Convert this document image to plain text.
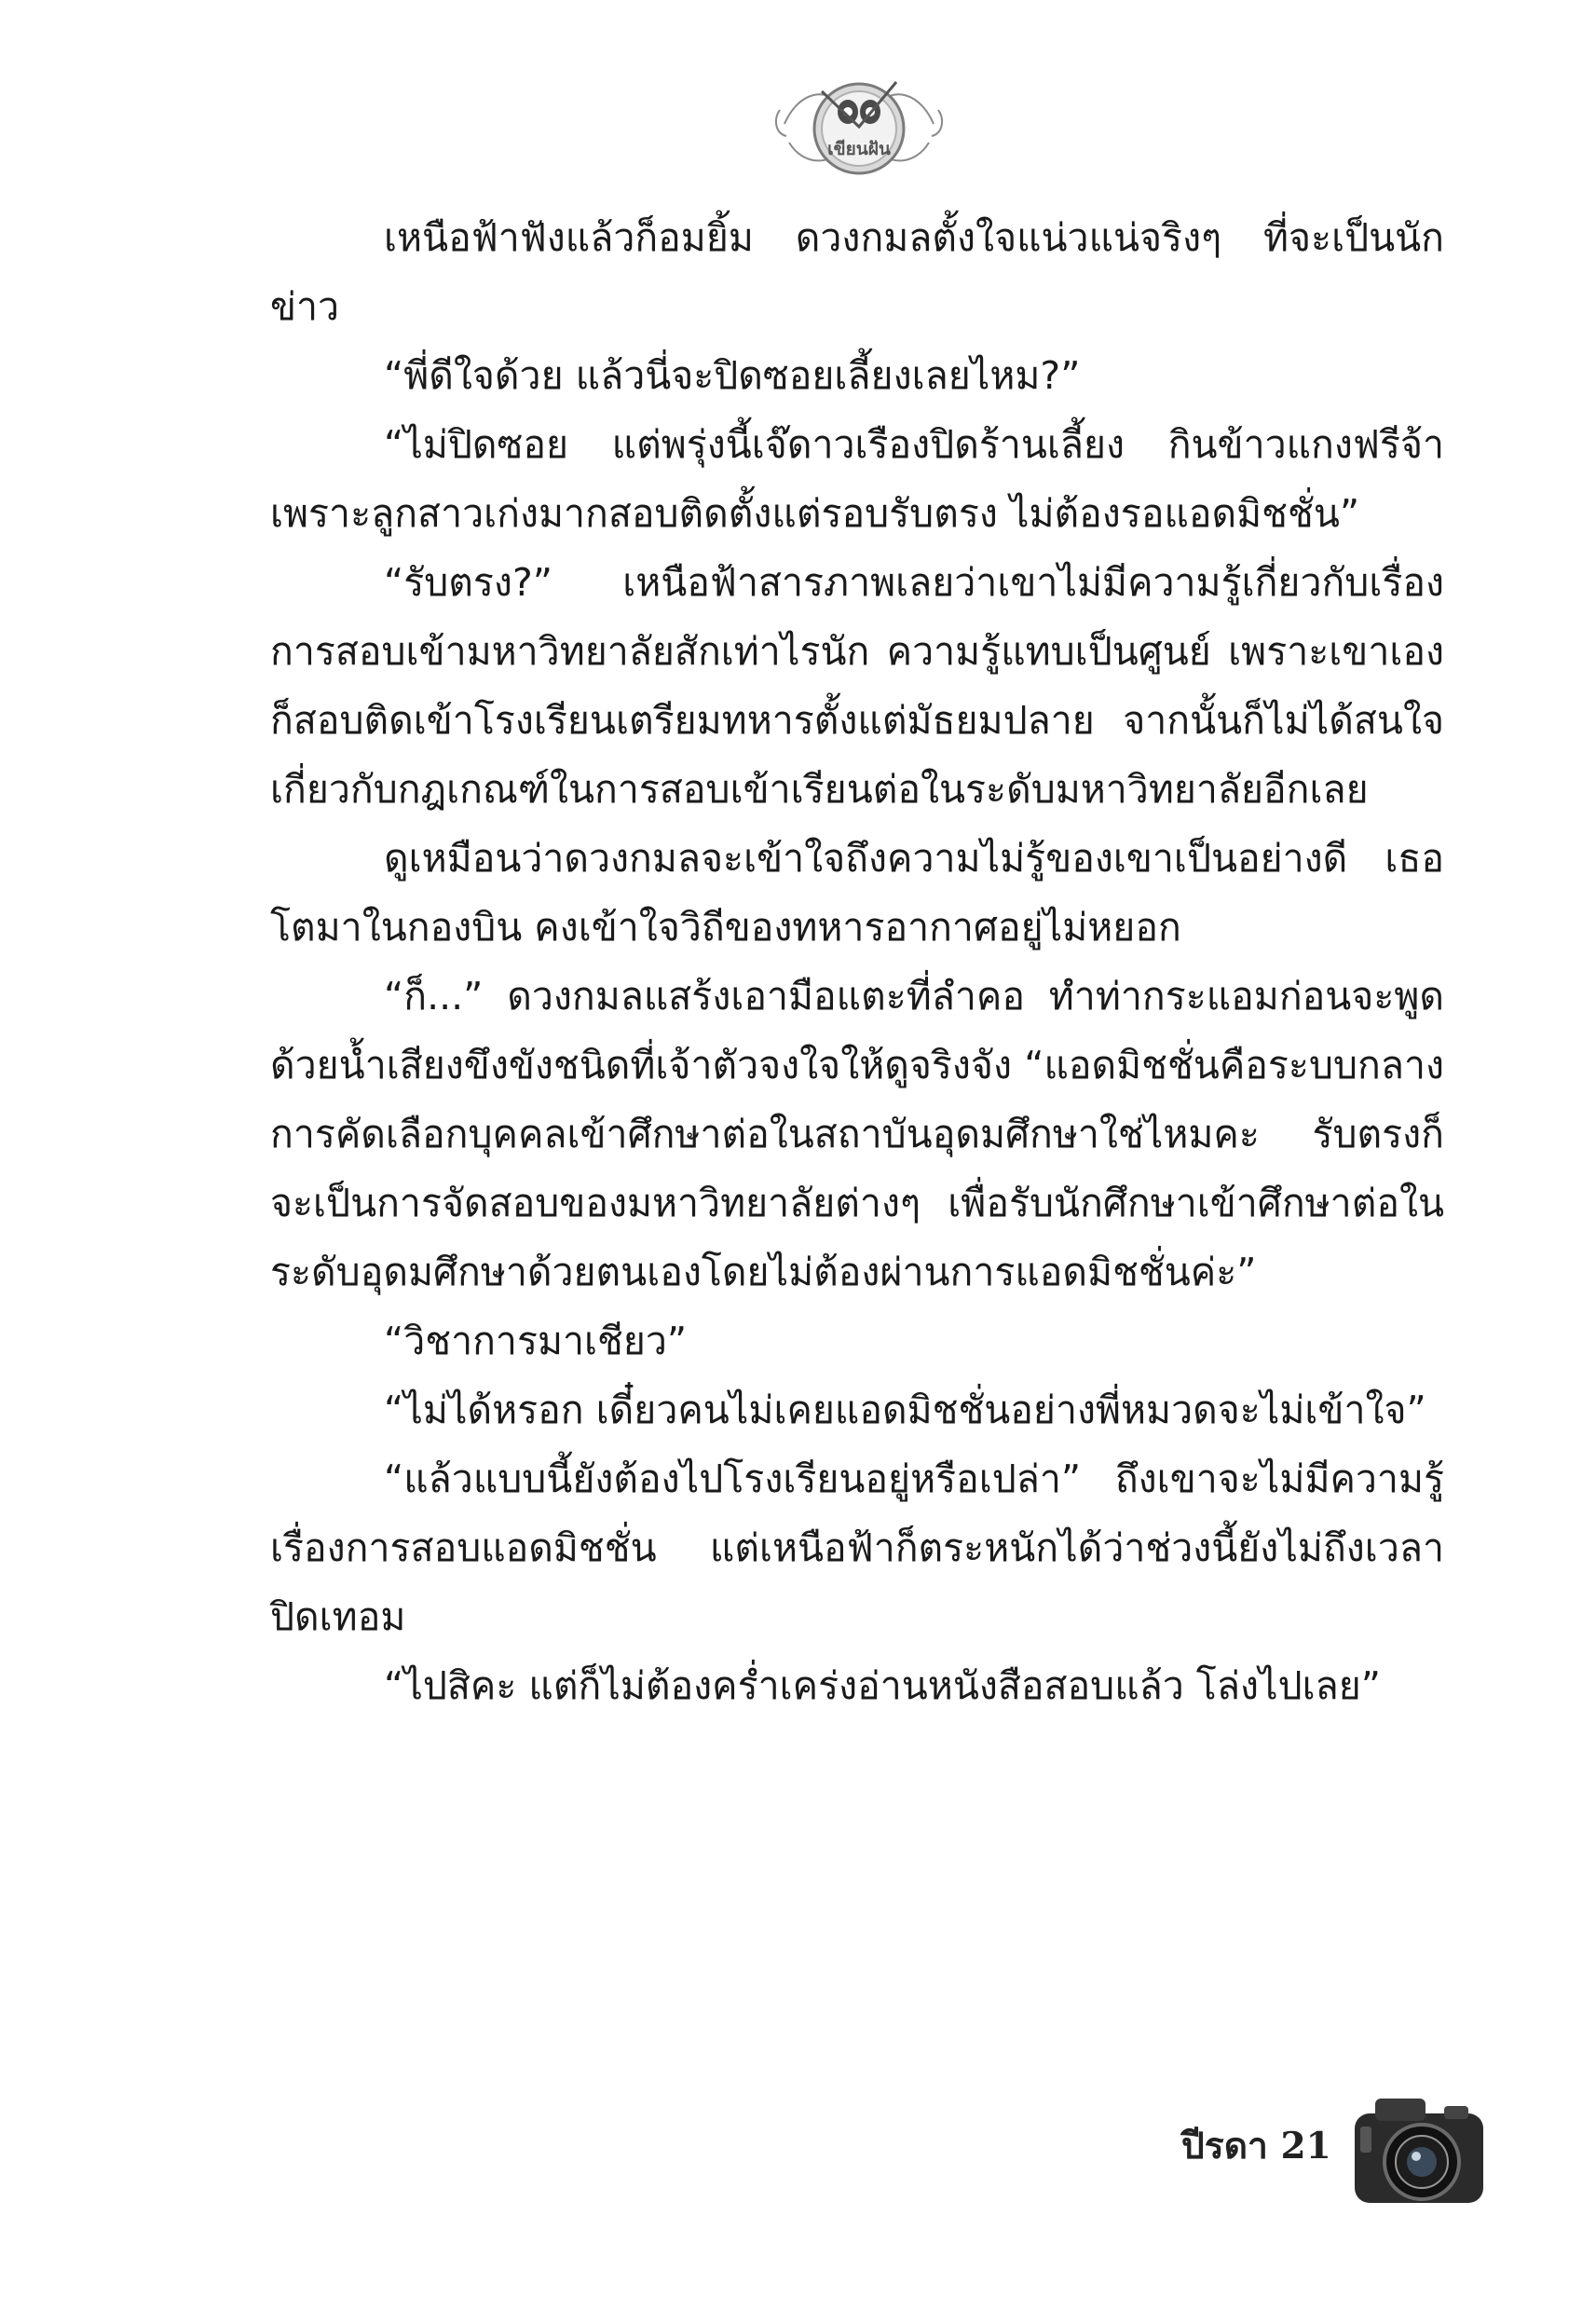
เขียนฝัน

เหนือฟ้าฟังแล้วก็อมยิ้ม ดวงกมลตั้งใจแน่วแน่จริงๆ ที่จะเป็นนักข่าว

“พี่ดีใจด้วย แล้วนี่จะปิดซอยเลี้ยงเลยไหม?”

“ไม่ปิดซอย แต่พรุ่งนี้เจ๊ดาวเรืองปิดร้านเลี้ยง กินข้าวแกงฟรีจ้า เพราะลูกสาวเก่งมากสอบติดตั้งแต่รอบรับตรง ไม่ต้องรอแอดมิชชั่น”

“รับตรง?” เหนือฟ้าสารภาพเลยว่าเขาไม่มีความรู้เกี่ยวกับเรื่องการสอบเข้ามหาวิทยาลัยสักเท่าไรนัก ความรู้แทบเป็นศูนย์ เพราะเขาเองก็สอบติดเข้าโรงเรียนเตรียมทหารตั้งแต่มัธยมปลาย จากนั้นก็ไม่ได้สนใจเกี่ยวกับกฎเกณฑ์ในการสอบเข้าเรียนต่อในระดับมหาวิทยาลัยอีกเลย

ดูเหมือนว่าดวงกมลจะเข้าใจถึงความไม่รู้ของเขาเป็นอย่างดี เธอโตมาในกองบิน คงเข้าใจวิถีของทหารอากาศอยู่ไม่หยอก

“ก็...” ดวงกมลแสร้งเอามือแตะที่ลำคอ ทำท่ากระแอมก่อนจะพูดด้วยน้ำเสียงขึงขังชนิดที่เจ้าตัวจงใจให้ดูจริงจัง “แอดมิชชั่นคือระบบกลางการคัดเลือกบุคคลเข้าศึกษาต่อในสถาบันอุดมศึกษาใช่ไหมคะ รับตรงก็จะเป็นการจัดสอบของมหาวิทยาลัยต่างๆ เพื่อรับนักศึกษาเข้าศึกษาต่อในระดับอุดมศึกษาด้วยตนเองโดยไม่ต้องผ่านการแอดมิชชั่นค่ะ”

“วิชาการมาเชียว”

“ไม่ได้หรอก เดี๋ยวคนไม่เคยแอดมิชชั่นอย่างพี่หมวดจะไม่เข้าใจ”

“แล้วแบบนี้ยังต้องไปโรงเรียนอยู่หรือเปล่า” ถึงเขาจะไม่มีความรู้เรื่องการสอบแอดมิชชั่น แต่เหนือฟ้าก็ตระหนักได้ว่าช่วงนี้ยังไม่ถึงเวลาปิดเทอม

“ไปสิคะ แต่ก็ไม่ต้องคร่ำเคร่งอ่านหนังสือสอบแล้ว โล่งไปเลย”

ปีรดา 21
